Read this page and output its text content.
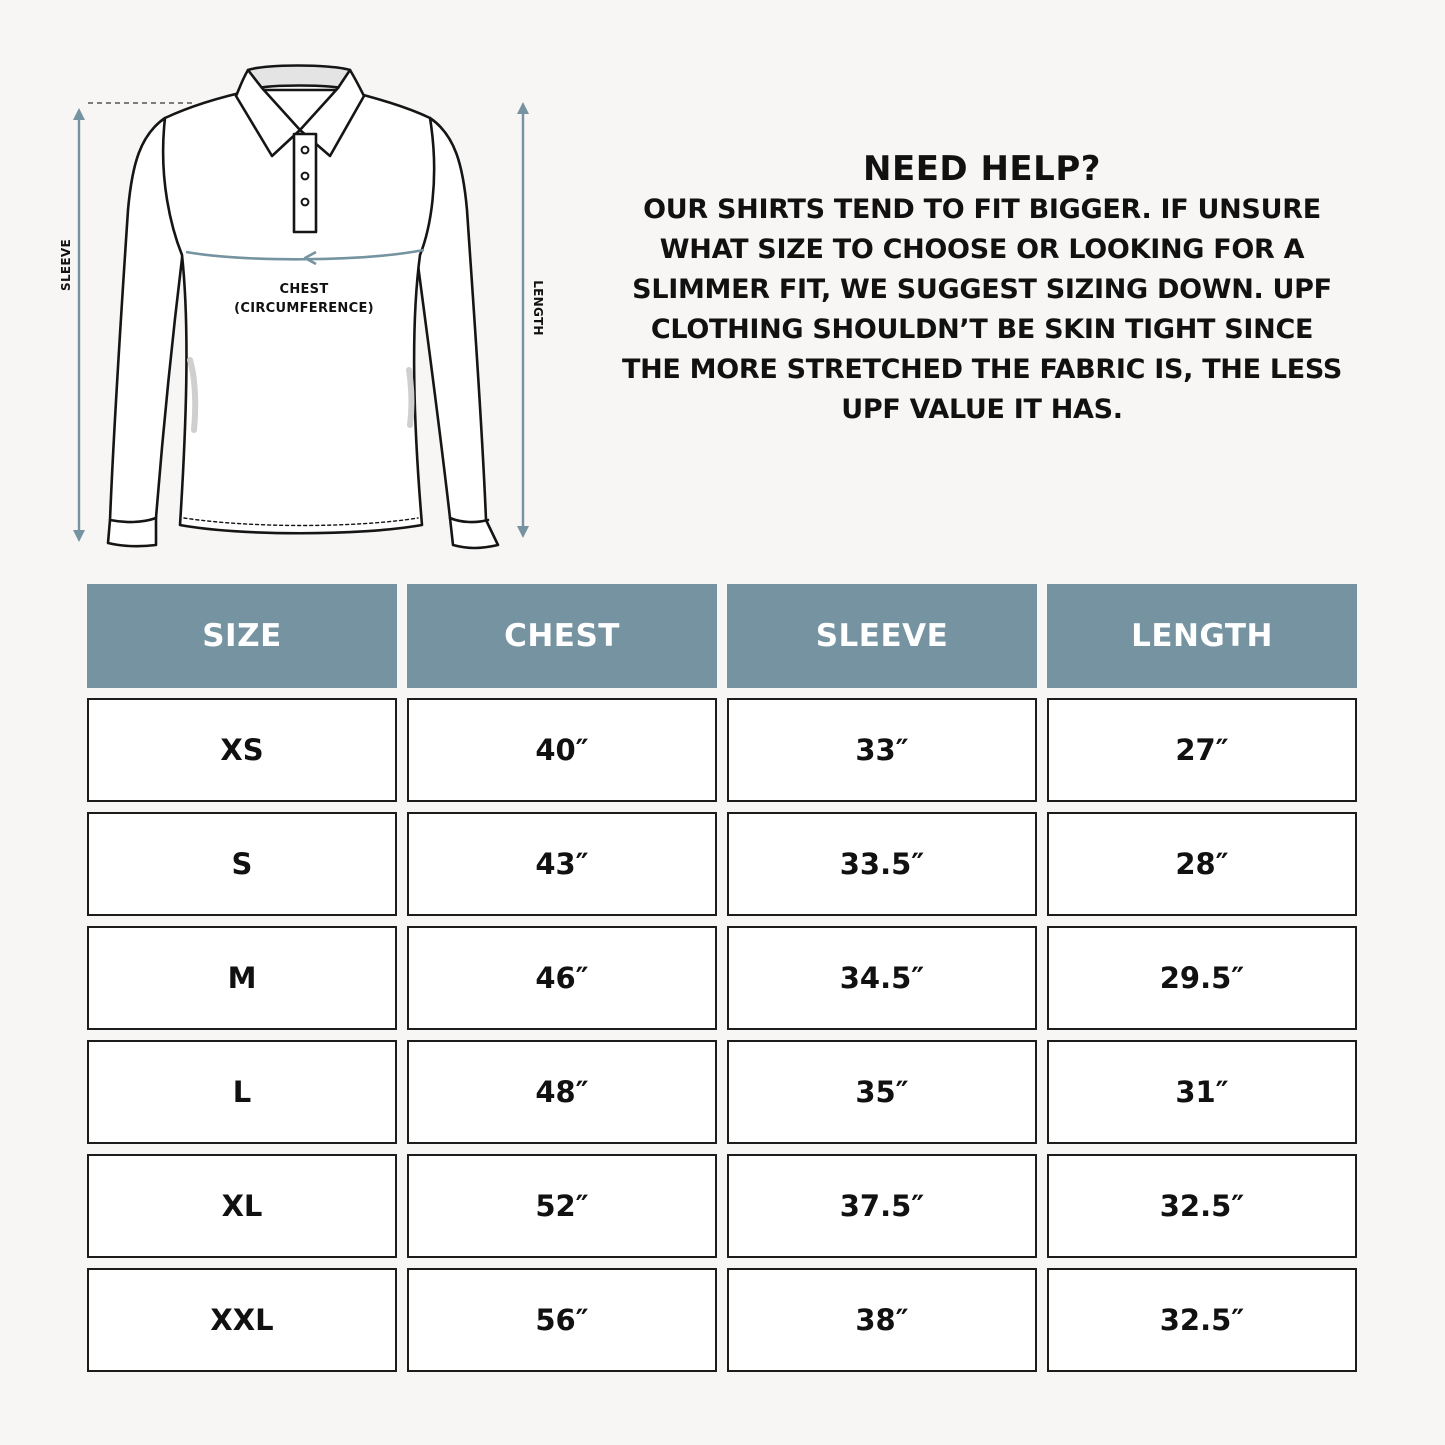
SLEEVE
LENGTH
CHEST
(CIRCUMFERENCE)
NEED HELP?
OUR SHIRTS TEND TO FIT BIGGER. IF UNSURE WHAT SIZE TO CHOOSE OR LOOKING FOR A SLIMMER FIT, WE SUGGEST SIZING DOWN. UPF CLOTHING SHOULDN’T BE SKIN TIGHT SINCE THE MORE STRETCHED THE FABRIC IS, THE LESS UPF VALUE IT HAS.
SIZE	CHEST	SLEEVE	LENGTH
XS	40″	33″	27″
S	43″	33.5″	28″
M	46″	34.5″	29.5″
L	48″	35″	31″
XL	52″	37.5″	32.5″
XXL	56″	38″	32.5″
